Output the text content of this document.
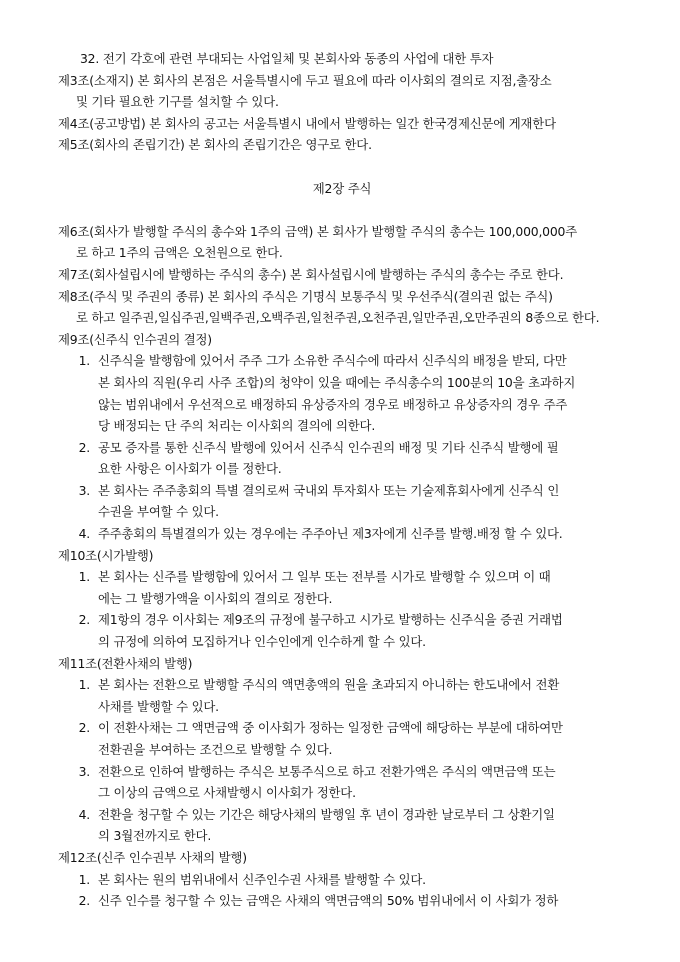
32. 전기 각호에 관련 부대되는 사업일체 및 본회사와 동종의 사업에 대한 투자
제3조(소재지) 본 회사의 본점은 서울특별시에 두고 필요에 따라 이사회의 결의로 지점,출장소
및 기타 필요한 기구를 설치할 수 있다.
제4조(공고방법) 본 회사의 공고는 서울특별시 내에서 발행하는 일간 한국경제신문에 게재한다
제5조(회사의 존립기간) 본 회사의 존립기간은 영구로 한다.
제2장 주식
제6조(회사가 발행할 주식의 총수와 1주의 금액) 본 회사가 발행할 주식의 총수는 100,000,000주
로 하고 1주의 금액은 오천원으로 한다.
제7조(회사설립시에 발행하는 주식의 총수) 본 회사설립시에 발행하는 주식의 총수는 주로 한다.
제8조(주식 및 주권의 종류) 본 회사의 주식은 기명식 보통주식 및 우선주식(결의권 없는 주식)
로 하고 일주권,일십주권,일백주권,오백주권,일천주권,오천주권,일만주권,오만주권의 8종으로 한다.
제9조(신주식 인수권의 결정)
1. 신주식을 발행함에 있어서 주주 그가 소유한 주식수에 따라서 신주식의 배정을 받되, 다만
본 회사의 직원(우리 사주 조합)의 청약이 있을 때에는 주식총수의 100분의 10을 초과하지
않는 범위내에서 우선적으로 배정하되 유상증자의 경우로 배정하고 유상증자의 경우 주주
당 배정되는 단 주의 처리는 이사회의 결의에 의한다.
2. 공모 증자를 통한 신주식 발행에 있어서 신주식 인수권의 배정 및 기타 신주식 발행에 필
요한 사항은 이사회가 이를 정한다.
3. 본 회사는 주주총회의 특별 결의로써 국내외 투자회사 또는 기술제휴회사에게 신주식 인
수권을 부여할 수 있다.
4. 주주총회의 특별결의가 있는 경우에는 주주아닌 제3자에게 신주를 발행.배정 할 수 있다.
제10조(시가발행)
1. 본 회사는 신주를 발행함에 있어서 그 일부 또는 전부를 시가로 발행할 수 있으며 이 때
에는 그 발행가액을 이사회의 결의로 정한다.
2. 제1항의 경우 이사회는 제9조의 규정에 불구하고 시가로 발행하는 신주식을 증권 거래법
의 규정에 의하여 모집하거나 인수인에게 인수하게 할 수 있다.
제11조(전환사채의 발행)
1. 본 회사는 전환으로 발행할 주식의 액면총액의 원을 초과되지 아니하는 한도내에서 전환
사채를 발행할 수 있다.
2. 이 전환사채는 그 액면금액 중 이사회가 정하는 일정한 금액에 해당하는 부분에 대하여만
전환권을 부여하는 조건으로 발행할 수 있다.
3. 전환으로 인하여 발행하는 주식은 보통주식으로 하고 전환가액은 주식의 액면금액 또는
그 이상의 금액으로 사채발행시 이사회가 정한다.
4. 전환을 청구할 수 있는 기간은 해당사채의 발행일 후 년이 경과한 날로부터 그 상환기일
의 3월전까지로 한다.
제12조(신주 인수권부 사채의 발행)
1. 본 회사는 원의 범위내에서 신주인수권 사채를 발행할 수 있다.
2. 신주 인수를 청구할 수 있는 금액은 사채의 액면금액의 50% 범위내에서 이 사회가 정하
